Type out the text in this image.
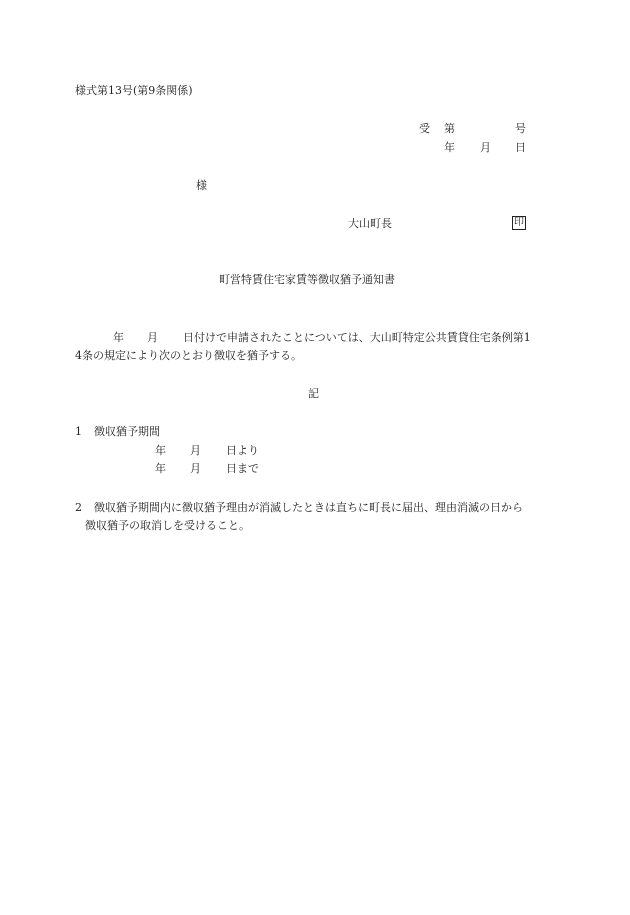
様式第13号(第9条関係)
受 第	号
年 月 日
様
大山町長	印
町営特賃住宅家賃等徴収猶予通知書
年 月 日付けで申請されたことについては、大山町特定公共賃貸住宅条例第1
4条の規定により次のとおり徴収を猶予する。
記
1 徴収猶予期間
年 月 日より
年 月 日まで
2 徴収猶予期間内に徴収猶予理由が消滅したときは直ちに町長に届出、理由消滅の日から
徴収猶予の取消しを受けること。
